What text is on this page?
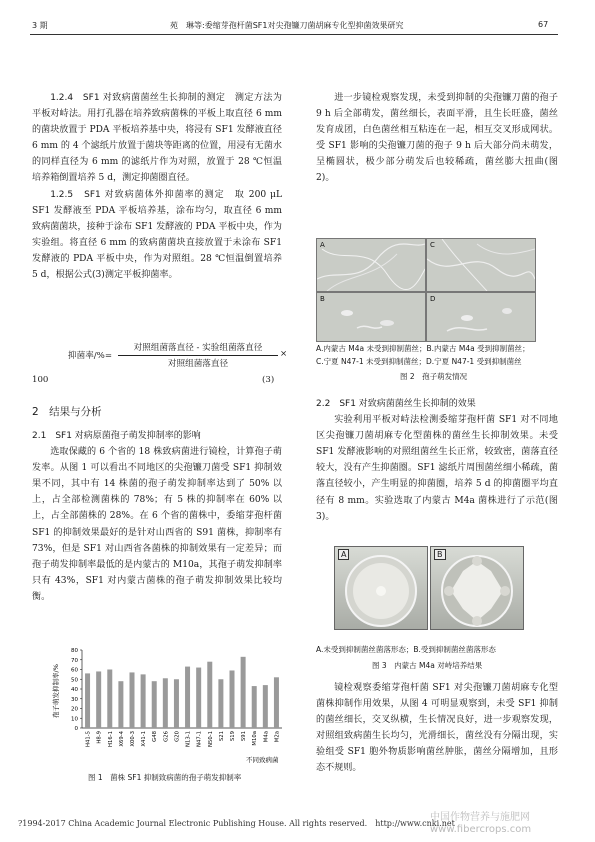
3 期	苑　琳等:委缩芽孢杆菌SF1对尖孢镰刀菌胡麻专化型抑菌效果研究	67

1.2.4　SF1 对致病菌菌丝生长抑制的测定　 测定方法为平板对峙法。用打孔器在培养致病菌株的平板上取直径 6 mm 的菌块放置于 PDA 平板培养基中央，将浸有 SF1 发酵液直径 6 mm 的 4 个滤纸片放置于菌块等距离的位置，用浸有无菌水的同样直径为 6 mm 的滤纸片作为对照，放置于 28 ℃恒温培养箱倒置培养 5 d，测定抑菌圈直径。

1.2.5　SF1 对致病菌体外抑菌率的测定　 取 200 μL SF1 发酵液至 PDA 平板培养基，涂布均匀，取直径 6 mm 致病菌菌块，接种于涂布 SF1 发酵液的 PDA 平板中央，作为实验组。将直径 6 mm 的致病菌菌块直接放置于未涂布 SF1 发酵液的 PDA 平板中央，作为对照组。28 ℃恒温倒置培养 5 d，根据公式(3)测定平板抑菌率。

抑菌率/%=
对照组菌落直径 - 实验组菌落直径
对照组菌落直径
×
100	(3)
2　结果与分析

2.1　SF1 对病原菌孢子萌发抑制率的影响

选取保藏的 6 个省的 18 株致病菌进行镜检，计算孢子萌发率。从图 1 可以看出不同地区的尖孢镰刀菌受 SF1 抑制效果不同，其中有 14 株菌的孢子萌发抑制率达到了 50% 以上，占全部检测菌株的 78%；有 5 株的抑制率在 60% 以上，占全部菌株的 28%。在 6 个省的菌株中，委缩芽孢杆菌 SF1 的抑制效果最好的是针对山西省的 S91 菌株，抑制率有 73%，但是 SF1 对山西省各菌株的抑制效果有一定差异；而孢子萌发抑制率最低的是内蒙古的 M10a，其孢子萌发抑制率只有 43%，SF1 对内蒙古菌株的孢子萌发抑制效果比较均衡。

0
10
20
30
40
50
60
70
80
H41-5 H8-9 H16-1 X69-4 X00-3 X41-1 G48 G26 G20 N13-1 N47-1 N50-1 S21 S19 S91 M10a M4a M2a
孢子萌发抑制率/%
不同致病菌
图 1　菌株 SF1 抑制致病菌的孢子萌发抑制率

进一步镜检观察发现，未受到抑制的尖孢镰刀菌的孢子 9 h 后全部萌发，菌丝细长，表面平滑，且生长旺盛，菌丝发育成团，白色菌丝相互粘连在一起，相互交叉形成网状。受 SF1 影响的尖孢镰刀菌的孢子 9 h 后大部分尚未萌发，呈椭圆状，极少部分萌发后也较稀疏，菌丝膨大扭曲(图 2)。

A	C
B	D
A.内蒙古 M4a 未受到抑制菌丝；B.内蒙古 M4a 受到抑制菌丝；
C.宁夏 N47-1 未受到抑制菌丝；D.宁夏 N47-1 受到抑制菌丝
图 2　孢子萌发情况

2.2　SF1 对致病菌菌丝生长抑制的效果

实验利用平板对峙法检测委缩芽孢杆菌 SF1 对不同地区尖孢镰刀菌胡麻专化型菌株的菌丝生长抑制效果。未受 SF1 发酵液影响的对照组菌丝生长正常，较致密，菌落直径较大，没有产生抑菌圈。SF1 滤纸片周围菌丝细小稀疏，菌落直径较小，产生明显的抑菌圈，培养 5 d 的抑菌圈平均直径有 8 mm。实验选取了内蒙古 M4a 菌株进行了示范(图 3)。

A	B
A.未受到抑制菌丝菌落形态；B.受到抑制菌丝菌落形态
图 3　内蒙古 M4a 对峙培养结果

镜检观察委缩芽孢杆菌 SF1 对尖孢镰刀菌胡麻专化型菌株抑制作用效果，从图 4 可明显观察到，未受 SF1 抑制的菌丝细长，交叉纵横，生长情况良好，进一步观察发现，对照组致病菌生长均匀，光滑细长，菌丝没有分隔出现，实验组受 SF1 胞外物质影响菌丝肿胀，菌丝分隔增加，且形态不规则。

?1994-2017 China Academic Journal Electronic Publishing House. All rights reserved.　http://www.cnki.net
中国作物营养与施肥网 www.fibercrops.com
